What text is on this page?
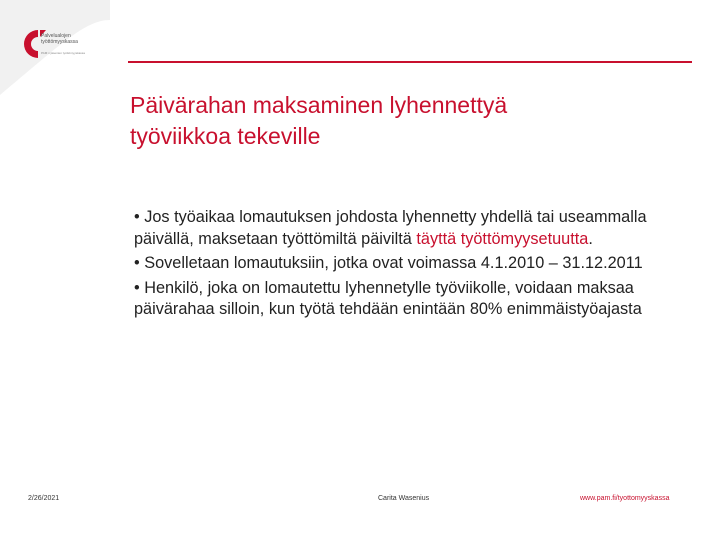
Palvelualojen
työttömyyskassa
PAM:n jäsenten työttömyyskassa
Päivärahan maksaminen lyhennettyä
työviikkoa tekeville

• Jos työaikaa lomautuksen johdosta lyhennetty yhdellä tai useammalla päivällä, maksetaan työttömiltä päiviltä täyttä työttömyysetuutta.

• Sovelletaan lomautuksiin, jotka ovat voimassa 4.1.2010 – 31.12.2011

• Henkilö, joka on lomautettu lyhennetylle työviikolle, voidaan maksaa päivärahaa silloin, kun työtä tehdään enintään 80% enimmäistyöajasta

2/26/2021	Carita Wasenius	www.pam.fi/tyottomyyskassa
